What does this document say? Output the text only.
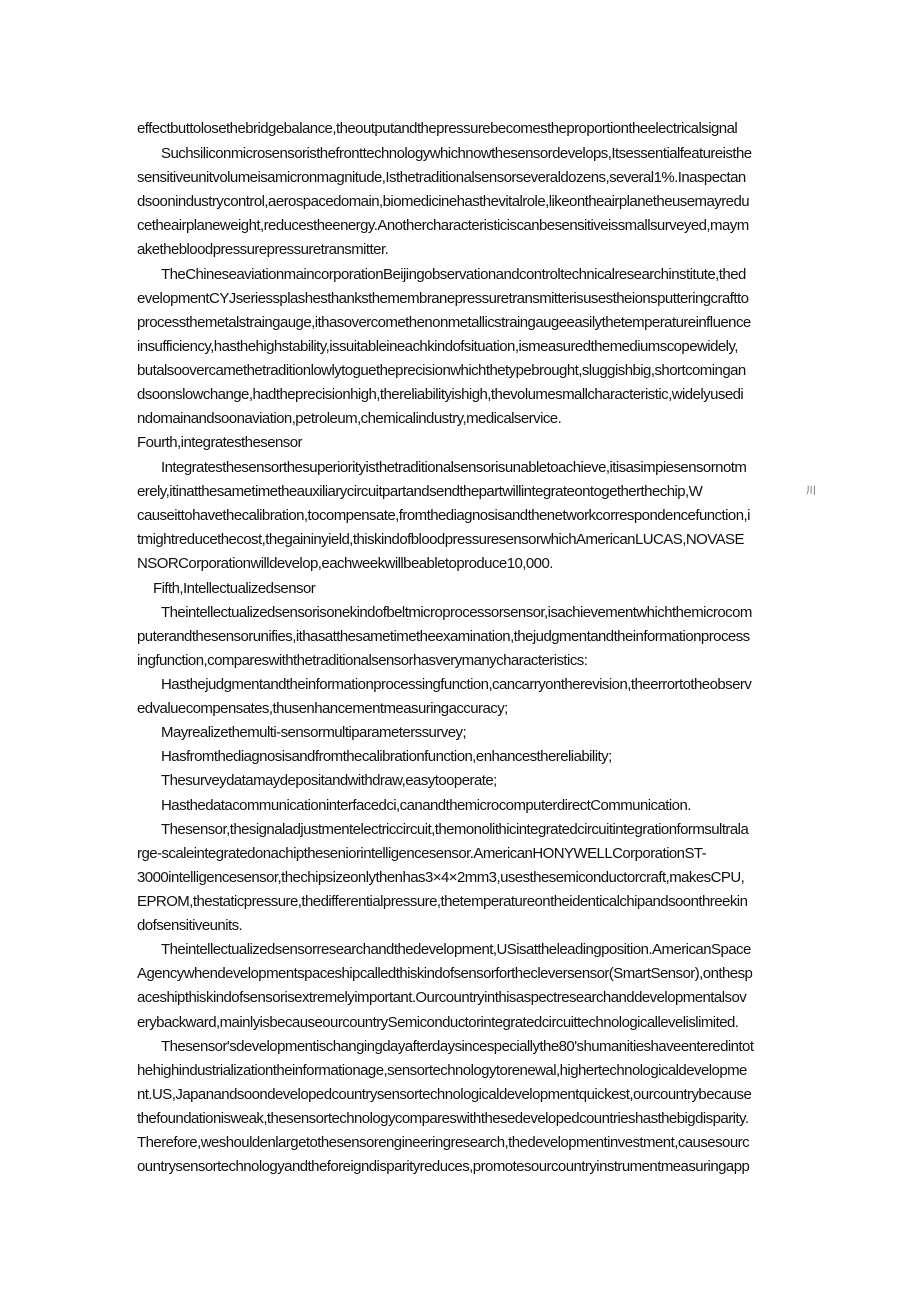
effectbuttolosethebridgebalance,theoutputandthepressurebecomestheproportiontheelectricalsignal
Suchsiliconmicrosensoristhefronttechnologywhichnowthesensordevelops,Itsessentialfeatureisthe
sensitiveunitvolumeisamicronmagnitude,Isthetraditionalsensorseveraldozens,several1%.Inaspectan
dsoonindustrycontrol,aerospacedomain,biomedicinehasthevitalrole,likeontheairplanetheusemayredu
cetheairplaneweight,reducestheenergy.Anothercharacteristiciscanbesensitiveissmallsurveyed,maym
akethebloodpressurepressuretransmitter.
TheChineseaviationmaincorporationBeijingobservationandcontroltechnicalresearchinstitute,thed
evelopmentCYJseriessplashesthanksthemembranepressuretransmitterisusestheionsputteringcraftto
processthemetalstraingauge,ithasovercomethenonmetallicstraingaugeeasilythetemperatureinfluence
insufficiency,hasthehighstability,issuitableineachkindofsituation,ismeasuredthemediumscopewidely,
butalsoovercamethetraditionlowlytoguetheprecisionwhichthetypebrought,sluggishbig,shortcomingan
dsoonslowchange,hadtheprecisionhigh,thereliabilityishigh,thevolumesmallcharacteristic,widelyusedi
ndomainandsoonaviation,petroleum,chemicalindustry,medicalservice.
Fourth,integratesthesensor
Integratesthesensorthesuperiorityisthetraditionalsensorisunabletoachieve,itisasimpiesensornotm
erely,itinatthesametimetheauxiliarycircuitpartandsendthepartwillintegrateontogetherthechip,W	川
causeittohavethecalibration,tocompensate,fromthediagnosisandthenetworkcorrespondencefunction,i
tmightreducethecost,thegaininyield,thiskindofbloodpressuresensorwhichAmericanLUCAS,NOVASE
NSORCorporationwilldevelop,eachweekwillbeabletoproduce10,000.
Fifth,Intellectualizedsensor
Theintellectualizedsensorisonekindofbeltmicroprocessorsensor,isachievementwhichthemicrocom
puterandthesensorunifies,ithasatthesametimetheexamination,thejudgmentandtheinformationprocess
ingfunction,compareswiththetraditionalsensorhasverymanycharacteristics:
Hasthejudgmentandtheinformationprocessingfunction,cancarryontherevision,theerrortotheobserv
edvaluecompensates,thusenhancementmeasuringaccuracy;
Mayrealizethemulti-sensormultiparameterssurvey;
Hasfromthediagnosisandfromthecalibrationfunction,enhancesthereliability;
Thesurveydatamaydepositandwithdraw,easytooperate;
Hasthedatacommunicationinterfacedci,canandthemicrocomputerdirectCommunication.
Thesensor,thesignaladjustmentelectriccircuit,themonolithicintegratedcircuitintegrationformsultrala
rge-scaleintegratedonachiptheseniorintelligencesensor.AmericanHONYWELLCorporationST-
3000intelligencesensor,thechipsizeonlythenhas3×4×2mm3,usesthesemiconductorcraft,makesCPU,
EPROM,thestaticpressure,thedifferentialpressure,thetemperatureontheidenticalchipandsoonthreekin
dofsensitiveunits.
Theintellectualizedsensorresearchandthedevelopment,USisattheleadingposition.AmericanSpace
Agencywhendevelopmentspaceshipcalledthiskindofsensorforthecleversensor(SmartSensor),onthesp
aceshipthiskindofsensorisextremelyimportant.Ourcountryinthisaspectresearchanddevelopmentalsov
erybackward,mainlyisbecauseourcountrySemiconductorintegratedcircuittechnologicallevelislimited.
Thesensor'sdevelopmentischangingdayafterdaysincespeciallythe80'shumanitieshaveenteredintot
hehighindustrializationtheinformationage,sensortechnologytorenewal,highertechnologicaldevelopme
nt.US,Japanandsoondevelopedcountrysensortechnologicaldevelopmentquickest,ourcountrybecause
thefoundationisweak,thesensortechnologycompareswiththesedevelopedcountrieshasthebigdisparity.
Therefore,weshouldenlargetothesensorengineeringresearch,thedevelopmentinvestment,causesourc
ountrysensortechnologyandtheforeigndisparityreduces,promotesourcountryinstrumentmeasuringapp
